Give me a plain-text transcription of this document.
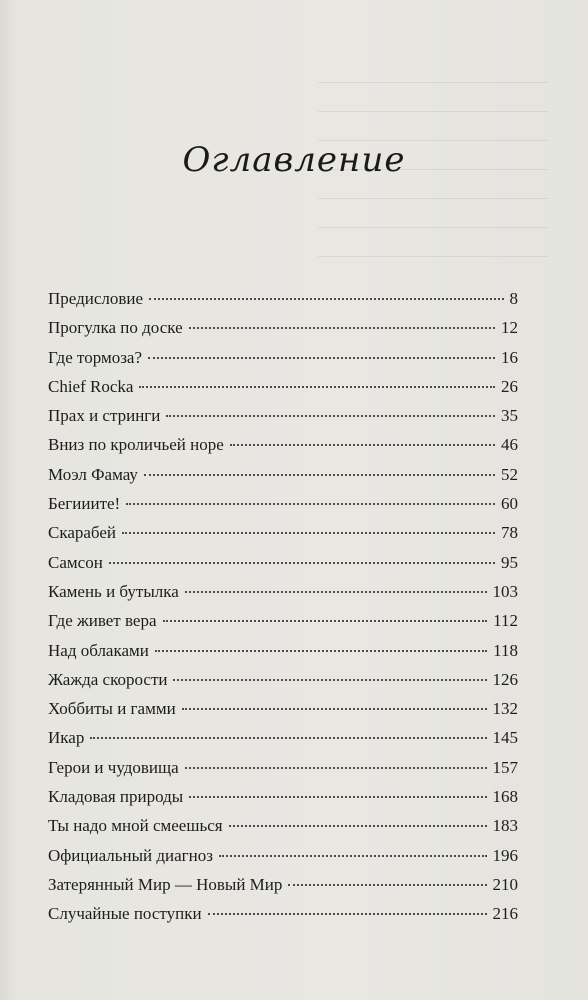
Оглавление
Предисловие	8
Прогулка по доске	12
Где тормоза?	16
Chief Rocka	26
Прах и стринги	35
Вниз по кроличьей норе	46
Моэл Фамау	52
Бегииите!	60
Скарабей	78
Самсон	95
Камень и бутылка	103
Где живет вера	112
Над облаками	118
Жажда скорости	126
Хоббиты и гамми	132
Икар	145
Герои и чудовища	157
Кладовая природы	168
Ты надо мной смеешься	183
Официальный диагноз	196
Затерянный Мир — Новый Мир	210
Случайные поступки	216
